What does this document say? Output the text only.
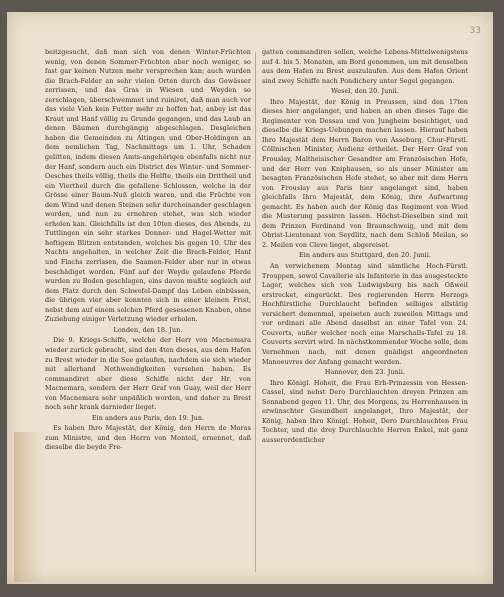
33

beitzgesucht, daß man sich von denen Winter-Früchten wenig, von denen Sommer-Früchten aber noch weniger, so fast gar keinen Nutzen mehr versprechen kan; auch wurden die Brach-Felder an sehr vielen Orten durch das Gewässer zerrissen, und das Gras in Wiesen und Weyden so zerschlagen, überschwemmet und ruiniret, daß man auch vor das viele Vieh kein Futter mehr zu hoffen hat, anbey ist das Kraut und Hanf völlig zu Grunde gegangen, und das Laub an denen Bäumen durchgängig abgeschlagen. Desgleichen haben die Gemeinden zu Altingen und Ober-Holdingen an dem nemlichen Tag, Nachmittags um 1. Uhr, Schaden gelitten, indem diesen Amts-angehörigen ebenfalls nicht nur der Hanf, sondern auch ein District des Winter- und Sommer-Oesches theils völlig, theils die Helfte, theils ein Drittheil und ein Viertheil durch die gefallene Schlossen, welche in der Grösse einer Baum-Nuß gleich waren, und die Früchte von dem Wind und denen Steinen sehr durcheinander geschlagen worden, und nun zu ernehren stehet, was sich wieder erholen kan. Gleichfalls ist den 10ten dieses, des Abends, zu Tuttlingen ein sehr starkes Donner- und Hagel-Wetter mit heftigem Blitzen entstanden, welches bis gegen 10. Uhr des Nachts angehalten, in welcher Zeit die Brach-Felder, Hanf und Flachs zerrissen, die Saamen-Felder aber nur in etwas beschädiget worden. Fünf auf der Weyde gelaufene Pferde wurden zu Boden geschlagen, eins davon mußte sogleich auf dem Platz durch den Schwefel-Dampf das Leben einbüssen, die übrigen vier aber konnten sich in einer kleinen Frist, nebst dem auf einem solchen Pferd gesessenen Knaben, ohne Zuziehung einiger Verletzung wieder erholen.

Londen, den 18. Jun.

Die 9. Kriegs-Schiffe, welche der Herr von Macnemara wieder zurück gebracht, sind den 4ten dieses, aus dem Hafen zu Brest wieder in die See gelaufen, nachdem sie sich wieder mit allerhand Nothwendigkeiten versehen haben. Es commandiret aber diese Schiffe nicht der Hr. von Macnemara, sondern der Herr Graf von Guay, weil der Herr von Macnemara sehr unpäßlich worden, und daher zu Brest noch sehr krank darnieder lieget.

Ein anders aus Paris, den 19. Jun.

Es haben Ihro Majestät, der König, den Herrn de Moras zum Ministre, und den Herrn von Montoil, ernennet, daß dieselbe die beyde Fre-

gatten commandiren sollen, welche Lebens-Mittelwenigstens auf 4. bis 5. Monaten, am Bord genommen, um mit denselben aus dem Hafen zu Brest auszulaufen. Aus dem Hafen Orient sind zwey Schiffe nach Pondichery unter Segel gegangen.

Wesel, den 20. Junii.

Ihro Majestät, der König in Preussen, sind den 17ten dieses hier angelanget, und haben an eben dieses Tage die Regimenter von Dessau und von Jungheim besichtiget, und dieselbe die Kriegs-Uebungen machen lassen. Hierauf haben Ihro Majestät dem Herrn Baron von Asseburg, Chur-Fürstl. Cöllnischen Minister, Audienz ertheilet. Der Herr Graf von Frouslay, Maltheisischer Gesandter am Französischen Hofe, und der Herr von Kniphausen, so als unser Minister am besagten Französischen Hofe stehet, so aber mit dem Herrn von Frouslay aus Paris hier angelanget sind, haben gleichfalls Ihro Majestät, dem König, ihre Aufwartung gemacht. Es haben auch der König das Regiment von Wied die Musterung passiren lassen. Höchst-Dieselben sind mit dem Prinzen Ferdinand von Braunschweig, und mit dem Obrist-Lieutenant von Seydlitz, nach dem Schloß Meilan, so 2. Meilen von Cleve lieget, abgereiset.

Ein anders aus Stuttgard, den 20. Junii.

An verwichenem Montag sind sämtliche Hoch-Fürstl. Trouppen, sowol Cavallerie als Infanterie in das ausgesteckte Lager, welches sich von Ludwigsburg bis nach Oßweil erstrecket, eingerückt. Des regierenden Herrn Herzogs Hochfürstliche Durchlaucht befinden selbiges allstätig versichert demenmal, speiseten auch zuweilen Mittags und vor ordinari alle Abend daselbst an einer Tafel von 24. Couverts, außer welcher noch eine Marschalls-Tafel zu 18. Couverts servirt wird. In nächstkommender Woche solle, dem Vernehmen nach, mit denen gnädigst angeordneten Manoeuvres der Anfang gemacht werden.

Hannover, den 23. Junii.

Ihro Königl. Hoheit, die Frau Erb-Prinzessin von Hessen-Cassel, sind nebst Dero Durchlauchten dreyen Prinzen am Sonnabend gegen 11. Uhr, des Morgens, zu Herrenhausen in erwünschter Gesundheit angelanget, Ihro Majestät, der König, haben Ihro Königl. Hoheit, Dero Durchlauchten Frau Tochter, und die drey Durchlauchte Herren Enkel, mit ganz ausserordentlicher
